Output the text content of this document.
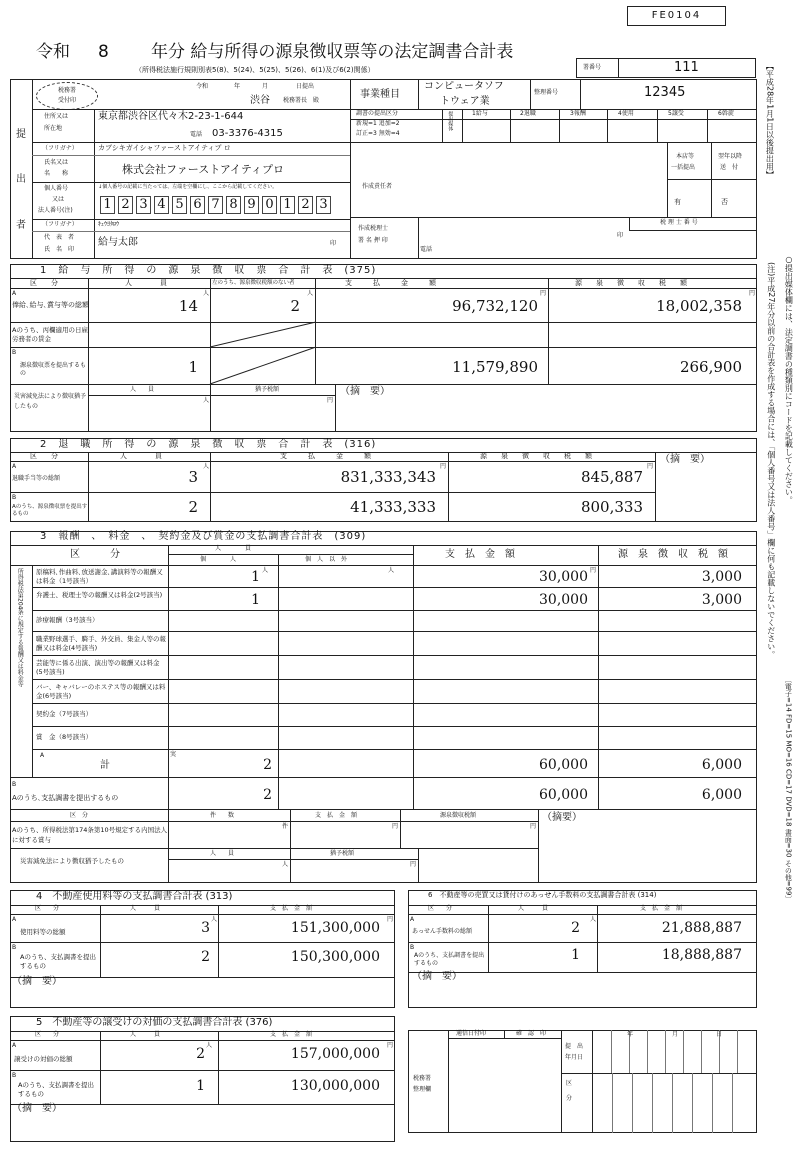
FE0104
令和 8 年分 給与所得の源泉徴収票等の法定調書合計表
（所得税法施行規則別表5(8)、5(24)、5(25)、5(26)、6(1)及び6(2)関係）	署番号	111	【平成28年1月1日以後提出用】
(注)平成27年分以前の合計表を作成する場合には、「個人番号又は法人番号」欄に何も記載しないでください。 ○提出媒体欄には、法定調書の種類別にコードを記載してください。
〔電子=14 FD=15 MO=16 CD=17 DVD=18 書面=30 その他=99〕
提
出
者
税務署
受付印
令和	年	月	日提出
渋谷 税務署長　殿
事業種目
コンピュータソフ
トウェア業
整理番号	12345
調書の提出区分
新規=1 追加=2
訂正=3 無効=4
提出媒体	1給与	2退職	3報酬	4使用	5譲受	6斡旋
住所又は
所在地
東京都渋谷区代々木2-23-1-644
電話 03-3376-4315
（フリガナ）	カブシキガイシャファーストアイティプ ロ
氏名又は
名　　称	株式会社ファーストアイティプロ
個人番号
又は
法人番号(注)
↓個人番号の記載に当たっては、左端を空欄にし、ここから記載してください。
1 2 3 4 5 6 7 8 9 0 1 2 3
（フリガナ）	ｷｭｳﾖﾀﾛｳ
代　表　者
氏　名　印
給与太郎	印
作成責任者
本店等
一括提出
翌年以降
送　付
有	否
作成税理士
署 名 押 印
印
電話
税 理 士 番 号
1　給　与　所　得　の　源　泉　徴　収　票　合　計　表　(375)
区　　分	人　　　　員	左のうち、源泉徴収税額のない者	支　　　払　　　金　　　額	源　　泉　　徴　　収　　税　　額
A
俸給､給与､賞与等の総額
人	人	円	円
14	2	96,732,120	18,002,358
Aのうち、丙欄適用の日雇労務者の賃金
B
源泉徴収票を提出するもの	1	11,579,890	266,900
災害減免法により徴収猶予したもの
人　　員	猶予税額	（摘　要）
人	円
2　退　職　所　得　の　源　泉　徴　収　票　合　計　表　(316)
区　　分	人　　　　員	支　　　払　　　金　　　額	源　　泉　　徴　　収　　税　　額	（摘　要）
A
退職手当等の総額
人	円	円
3	831,333,343	845,887
B
Aのうち、源泉徴収票を提出するもの	2	41,333,333	800,333
3　報酬　、　料金　、　契約金及び賞金の支払調書合計表　(309)
区　　　分
人　　　　員
個　　　　人	個　人　以　外	支　払　金　額	源　泉　徴　収　税　額
所得税法第204条に規定する報酬又は料金等 原稿料､作曲料､放送謝金､講演料等の報酬又は料金（1号該当）
人	人	円
1	30,000	3,000
弁護士、税理士等の報酬又は料金(2号該当)	1	30,000	3,000
診療報酬（3号該当）
職業野球選手、騎手、外交員、集金人等の報酬又は料金(4号該当)
芸能等に係る出演、演出等の報酬又は料金(5号該当)
バー、キャバレーのホステス等の報酬又は料金(6号該当)
契約金（7号該当）
賞　金（8号該当）
A
計
実
2	60,000	6,000
B
Aのうち､支払調書を提出するもの	2	60,000	6,000
区　分	件　　数	支　払　金　額	源泉徴収税額	（摘要）
Aのうち、所得税法第174条第10号規定する内国法人に対する賞与
件	円	円
災害減免法により徴収猶予したもの
人　　員	猶予税額
人	円
4　不動産使用料等の支払調書合計表 (313)
区　　分	人　　　員	支　払　金　額
A
使用料等の総額
人	円
3	151,300,000
B
Aのうち、支払調書を提出するもの
2	150,300,000
（摘　要）
6　不動産等の売買又は貸付けのあっせん手数料の支払調書合計表 (314)
区　　分	人　　　員	支　払　金　額
A
あっせん手数料の総額
人
2	21,888,887
B
Aのうち、支払調書を提出するもの
1	18,888,887
（摘　要）
5　不動産等の譲受けの対価の支払調書合計表 (376)
区　　分	人　　　員	支　払　金　額
A
譲受けの対価の総額
人	円
2	157,000,000
B
Aのうち、支払調書を提出するもの	1	130,000,000
（摘　要）
税務署
整理欄
通信日付印	確　認　印
提　出
年月日
年	月	日
区
分
